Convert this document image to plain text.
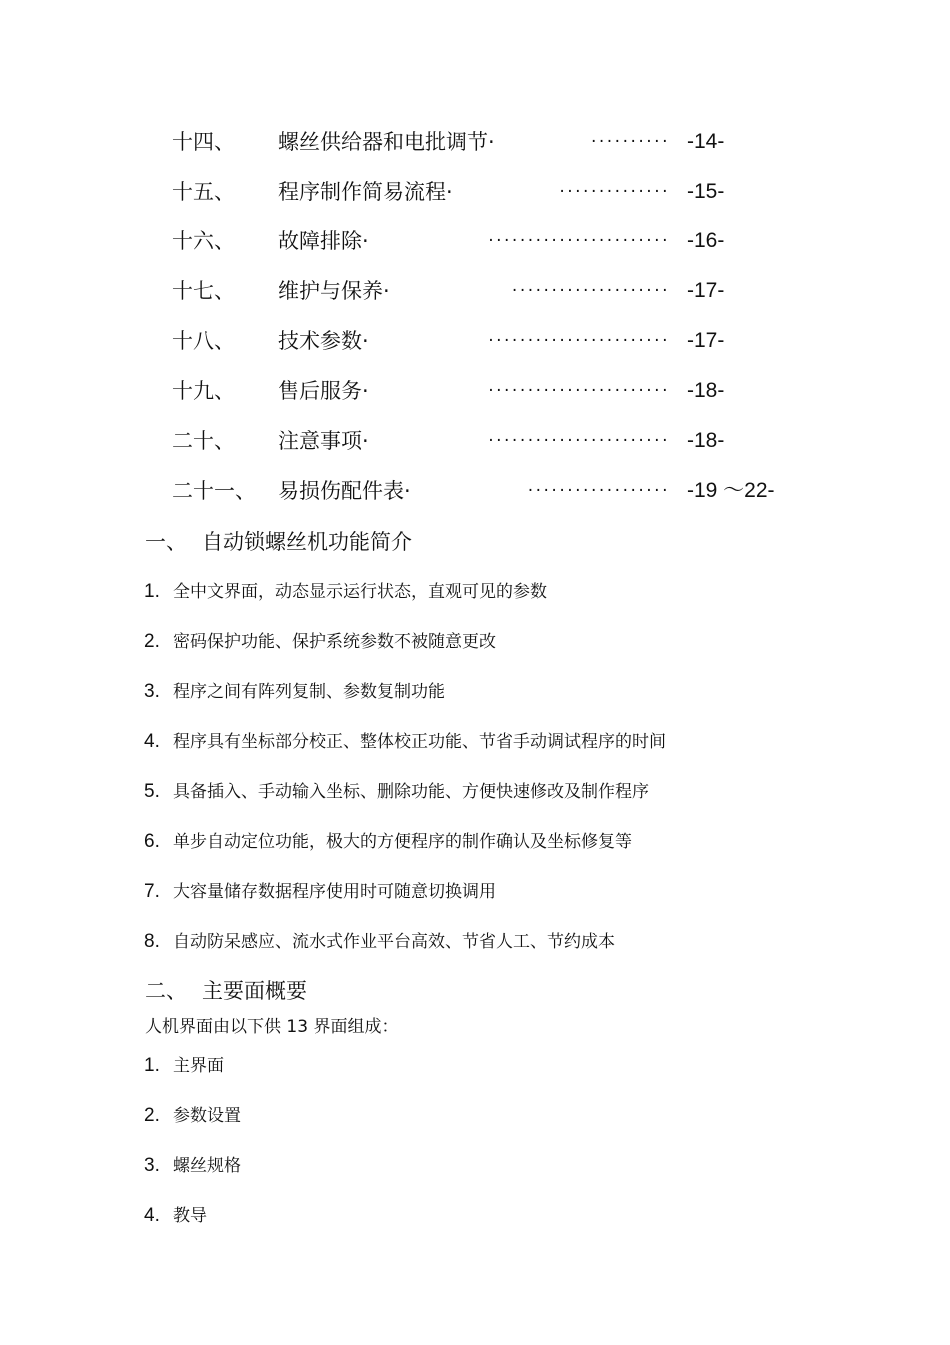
十四、 螺丝供给器和电批调节·	·········· -14-
十五、 程序制作简易流程·	·············· -15-
十六、 故障排除·	······················· -16-
十七、 维护与保养·	···················· -17-
十八、 技术参数·	······················· -17-
十九、 售后服务·	······················· -18-
二十、 注意事项·	······················· -18-
二十一、 易损伤配件表·	·················· -19 ～22-
一、 自动锁螺丝机功能简介
1. 全中文界面，动态显示运行状态，直观可见的参数
2. 密码保护功能、保护系统参数不被随意更改
3. 程序之间有阵列复制、参数复制功能
4. 程序具有坐标部分校正、整体校正功能、节省手动调试程序的时间
5. 具备插入、手动输入坐标、删除功能、方便快速修改及制作程序
6. 单步自动定位功能，极大的方便程序的制作确认及坐标修复等
7. 大容量储存数据程序使用时可随意切换调用
8. 自动防呆感应、流水式作业平台高效、节省人工、节约成本
二、 主要面概要
人机界面由以下供 13 界面组成：
1. 主界面
2. 参数设置
3. 螺丝规格
4. 教导
